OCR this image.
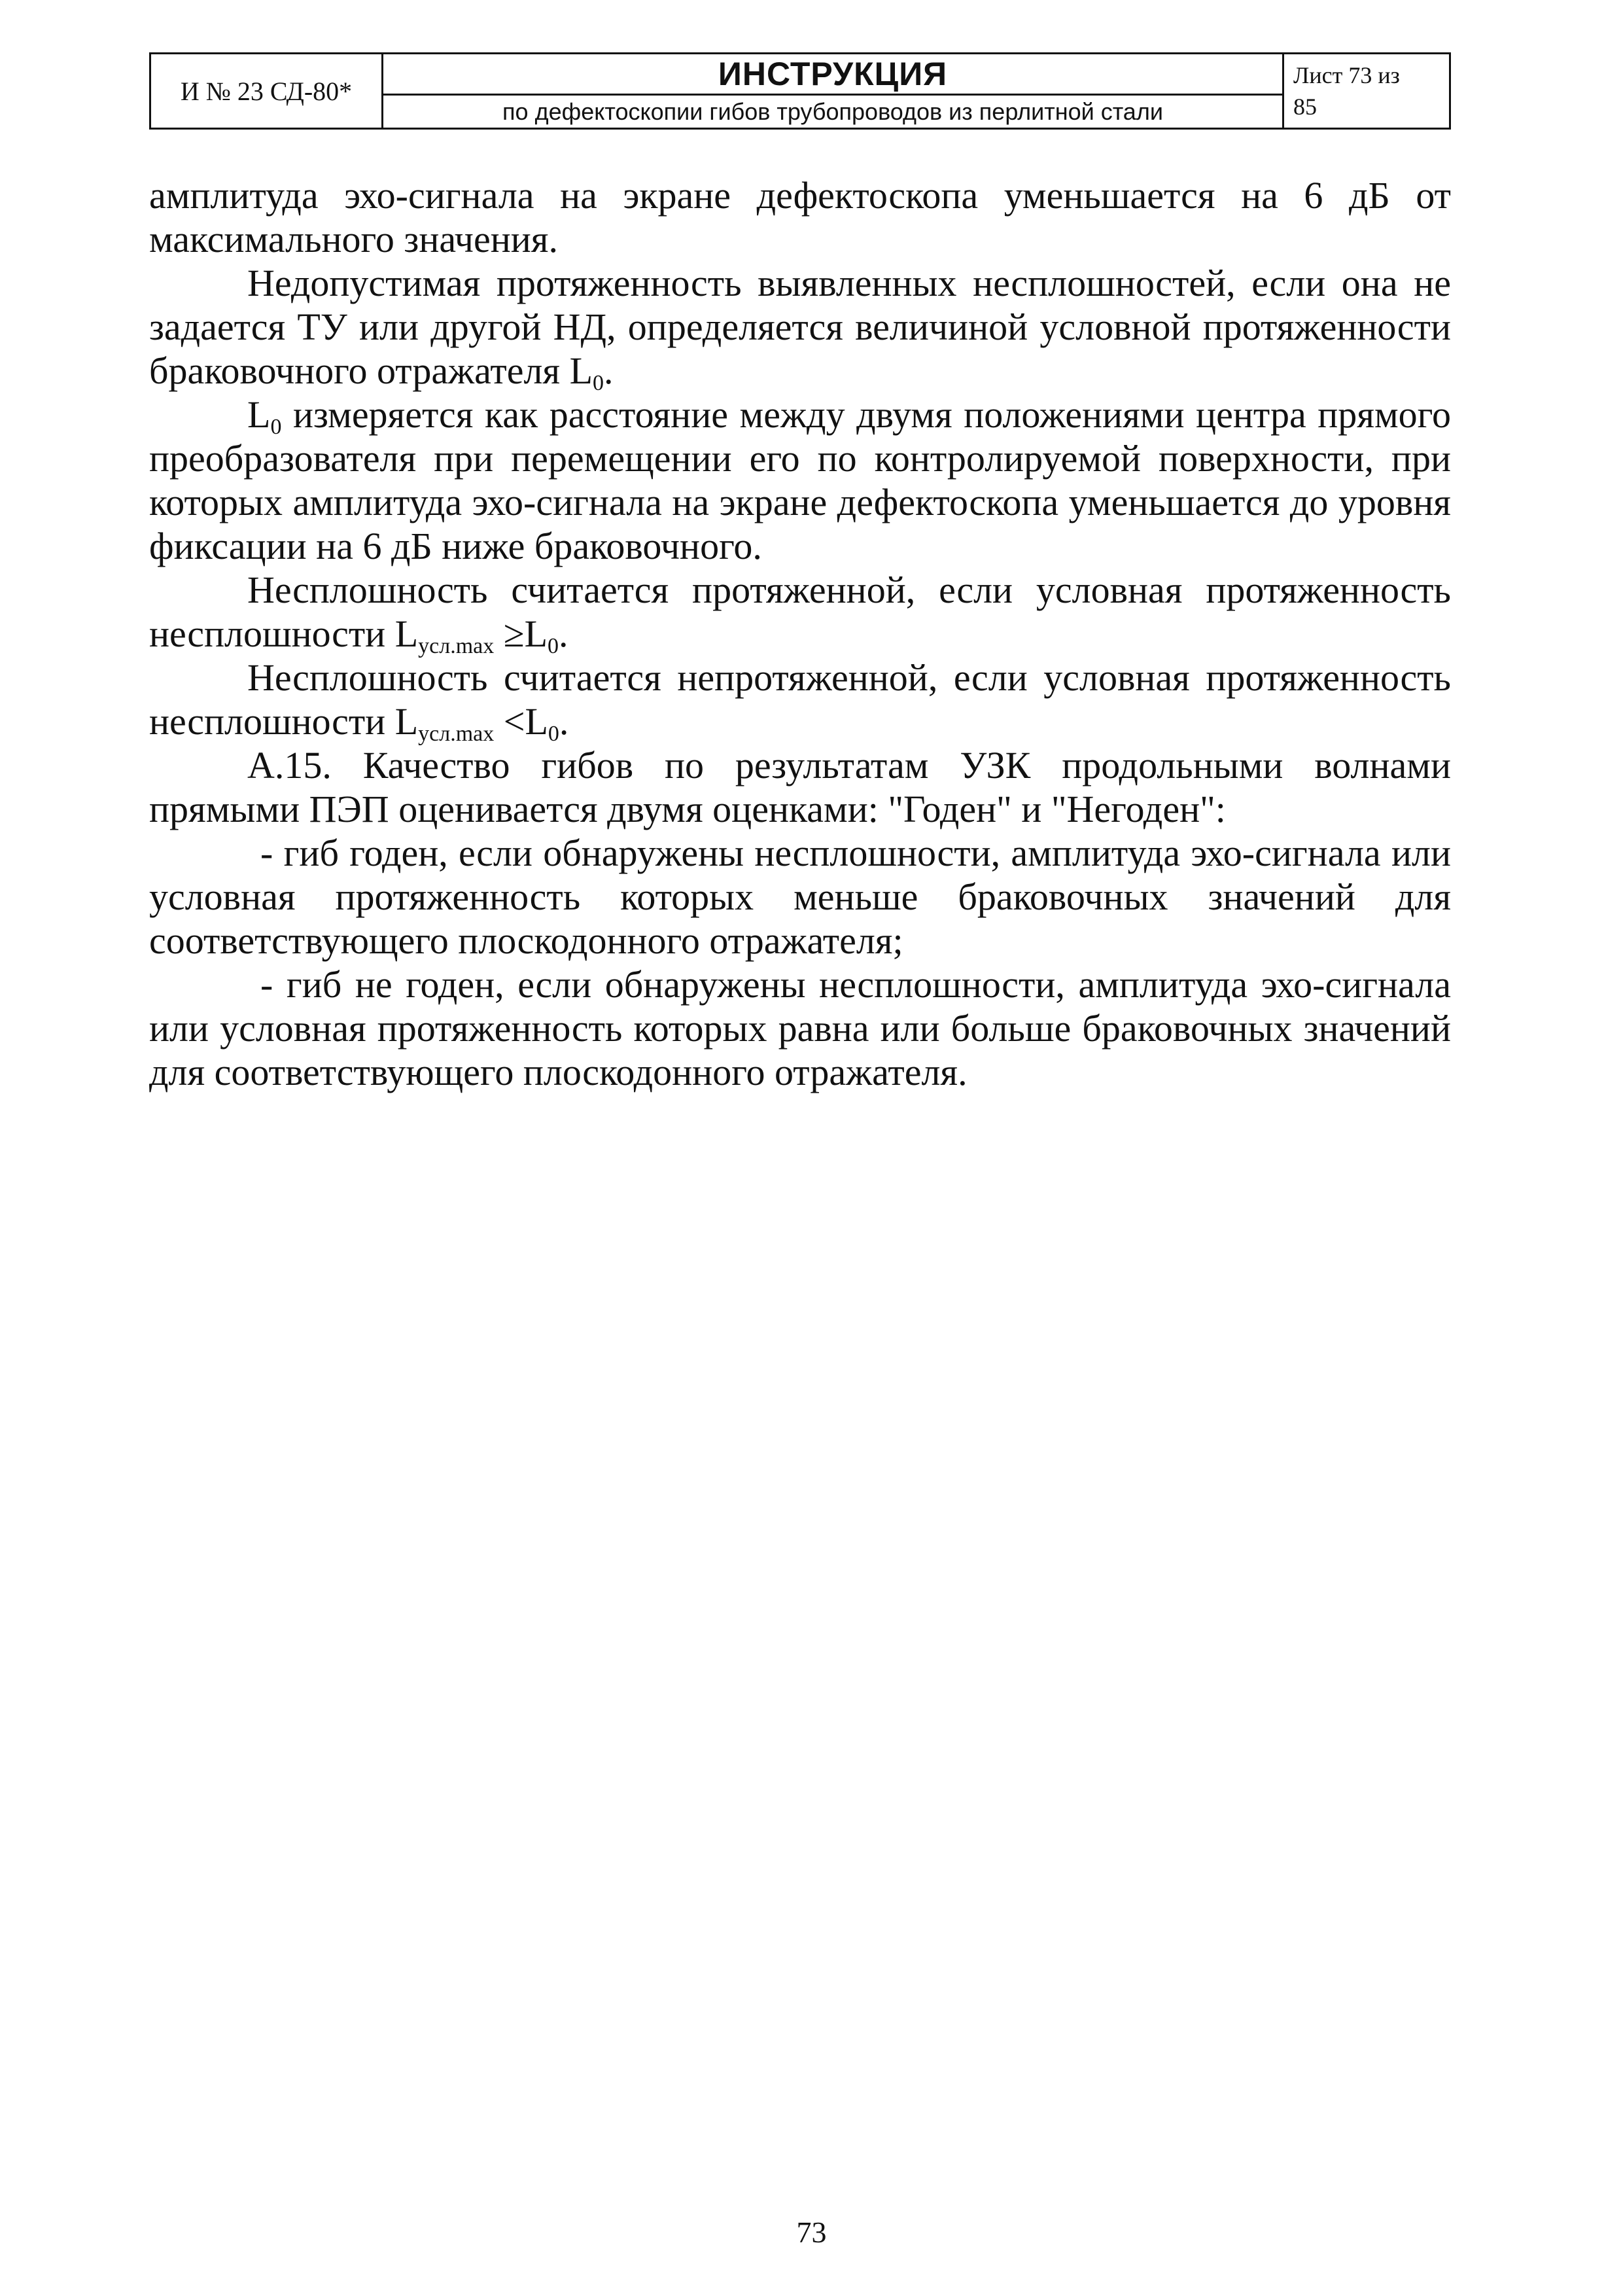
И № 23 СД-80*	ИНСТРУКЦИЯ
по дефектоскопии гибов трубопроводов из перлитной стали
Лист 73 из
85

амплитуда эхо-сигнала на экране дефектоскопа уменьшается на 6 дБ от максимального значения.

Недопустимая протяженность выявленных несплошностей, если она не задается ТУ или другой НД, определяется величиной условной протяженности браковочного отражателя $L_0$.

$L_0$ измеряется как расстояние между двумя положениями центра прямого преобразователя при перемещении его по контролируемой поверхности, при которых амплитуда эхо-сигнала на экране дефектоскопа уменьшается до уровня фиксации на 6 дБ ниже браковочного.

Несплошность считается протяженной, если условная протяженность несплошности $L_{усл.max} \ge L_0$.

Несплошность считается непротяженной, если условная протяженность несплошности $L_{усл.max} <L_0$.

А.15. Качество гибов по результатам УЗК продольными волнами прямыми ПЭП оценивается двумя оценками: "Годен" и "Негоден":

- гиб годен, если обнаружены несплошности, амплитуда эхо-сигнала или условная протяженность которых меньше браковочных значений для соответствующего плоскодонного отражателя;

- гиб не годен, если обнаружены несплошности, амплитуда эхо-сигнала или условная протяженность которых равна или больше браковочных значений для соответствующего плоскодонного отражателя.

73
